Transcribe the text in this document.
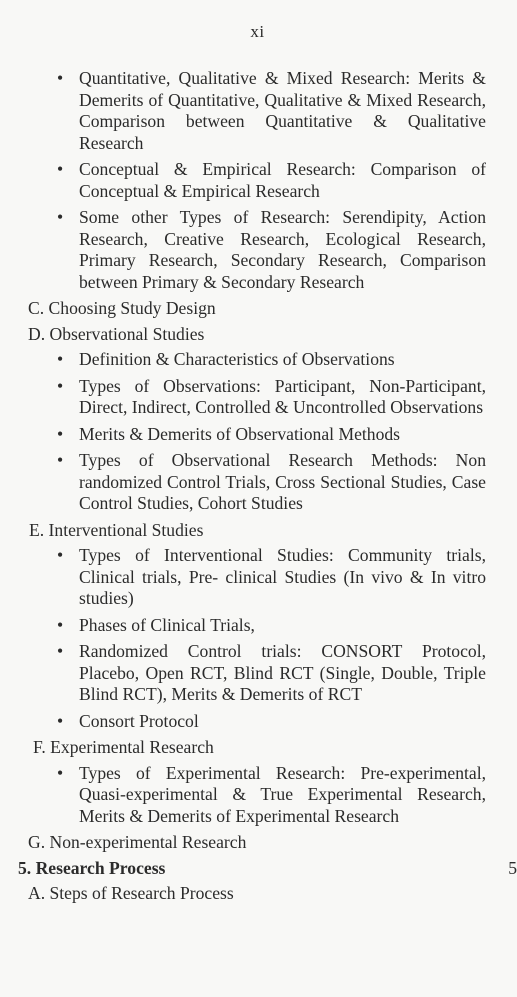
xi
• Quantitative, Qualitative & Mixed Research: Merits & Demerits of Quantitative, Qualitative & Mixed Research, Comparison between Quantitative & Qualitative Research
• Conceptual & Empirical Research: Comparison of Conceptual & Empirical Research
• Some other Types of Research: Serendipity, Action Research, Creative Research, Ecological Research, Primary Research, Secondary Research, Comparison between Primary & Secondary Research
C. Choosing Study Design
D. Observational Studies
• Definition & Characteristics of Observations
• Types of Observations: Participant, Non-Participant, Direct, Indirect, Controlled & Uncontrolled Observations
• Merits & Demerits of Observational Methods
• Types of Observational Research Methods: Non randomized Control Trials, Cross Sectional Studies, Case Control Studies, Cohort Studies
E. Interventional Studies
• Types of Interventional Studies: Community trials, Clinical trials, Pre- clinical Studies (In vivo & In vitro studies)
• Phases of Clinical Trials,
• Randomized Control trials: CONSORT Protocol, Placebo, Open RCT, Blind RCT (Single, Double, Triple Blind RCT), Merits & Demerits of RCT
• Consort Protocol
F. Experimental Research
• Types of Experimental Research: Pre-experimental, Quasi-experimental & True Experimental Research, Merits & Demerits of Experimental Research
G. Non-experimental Research
5. Research Process	5
A. Steps of Research Process
